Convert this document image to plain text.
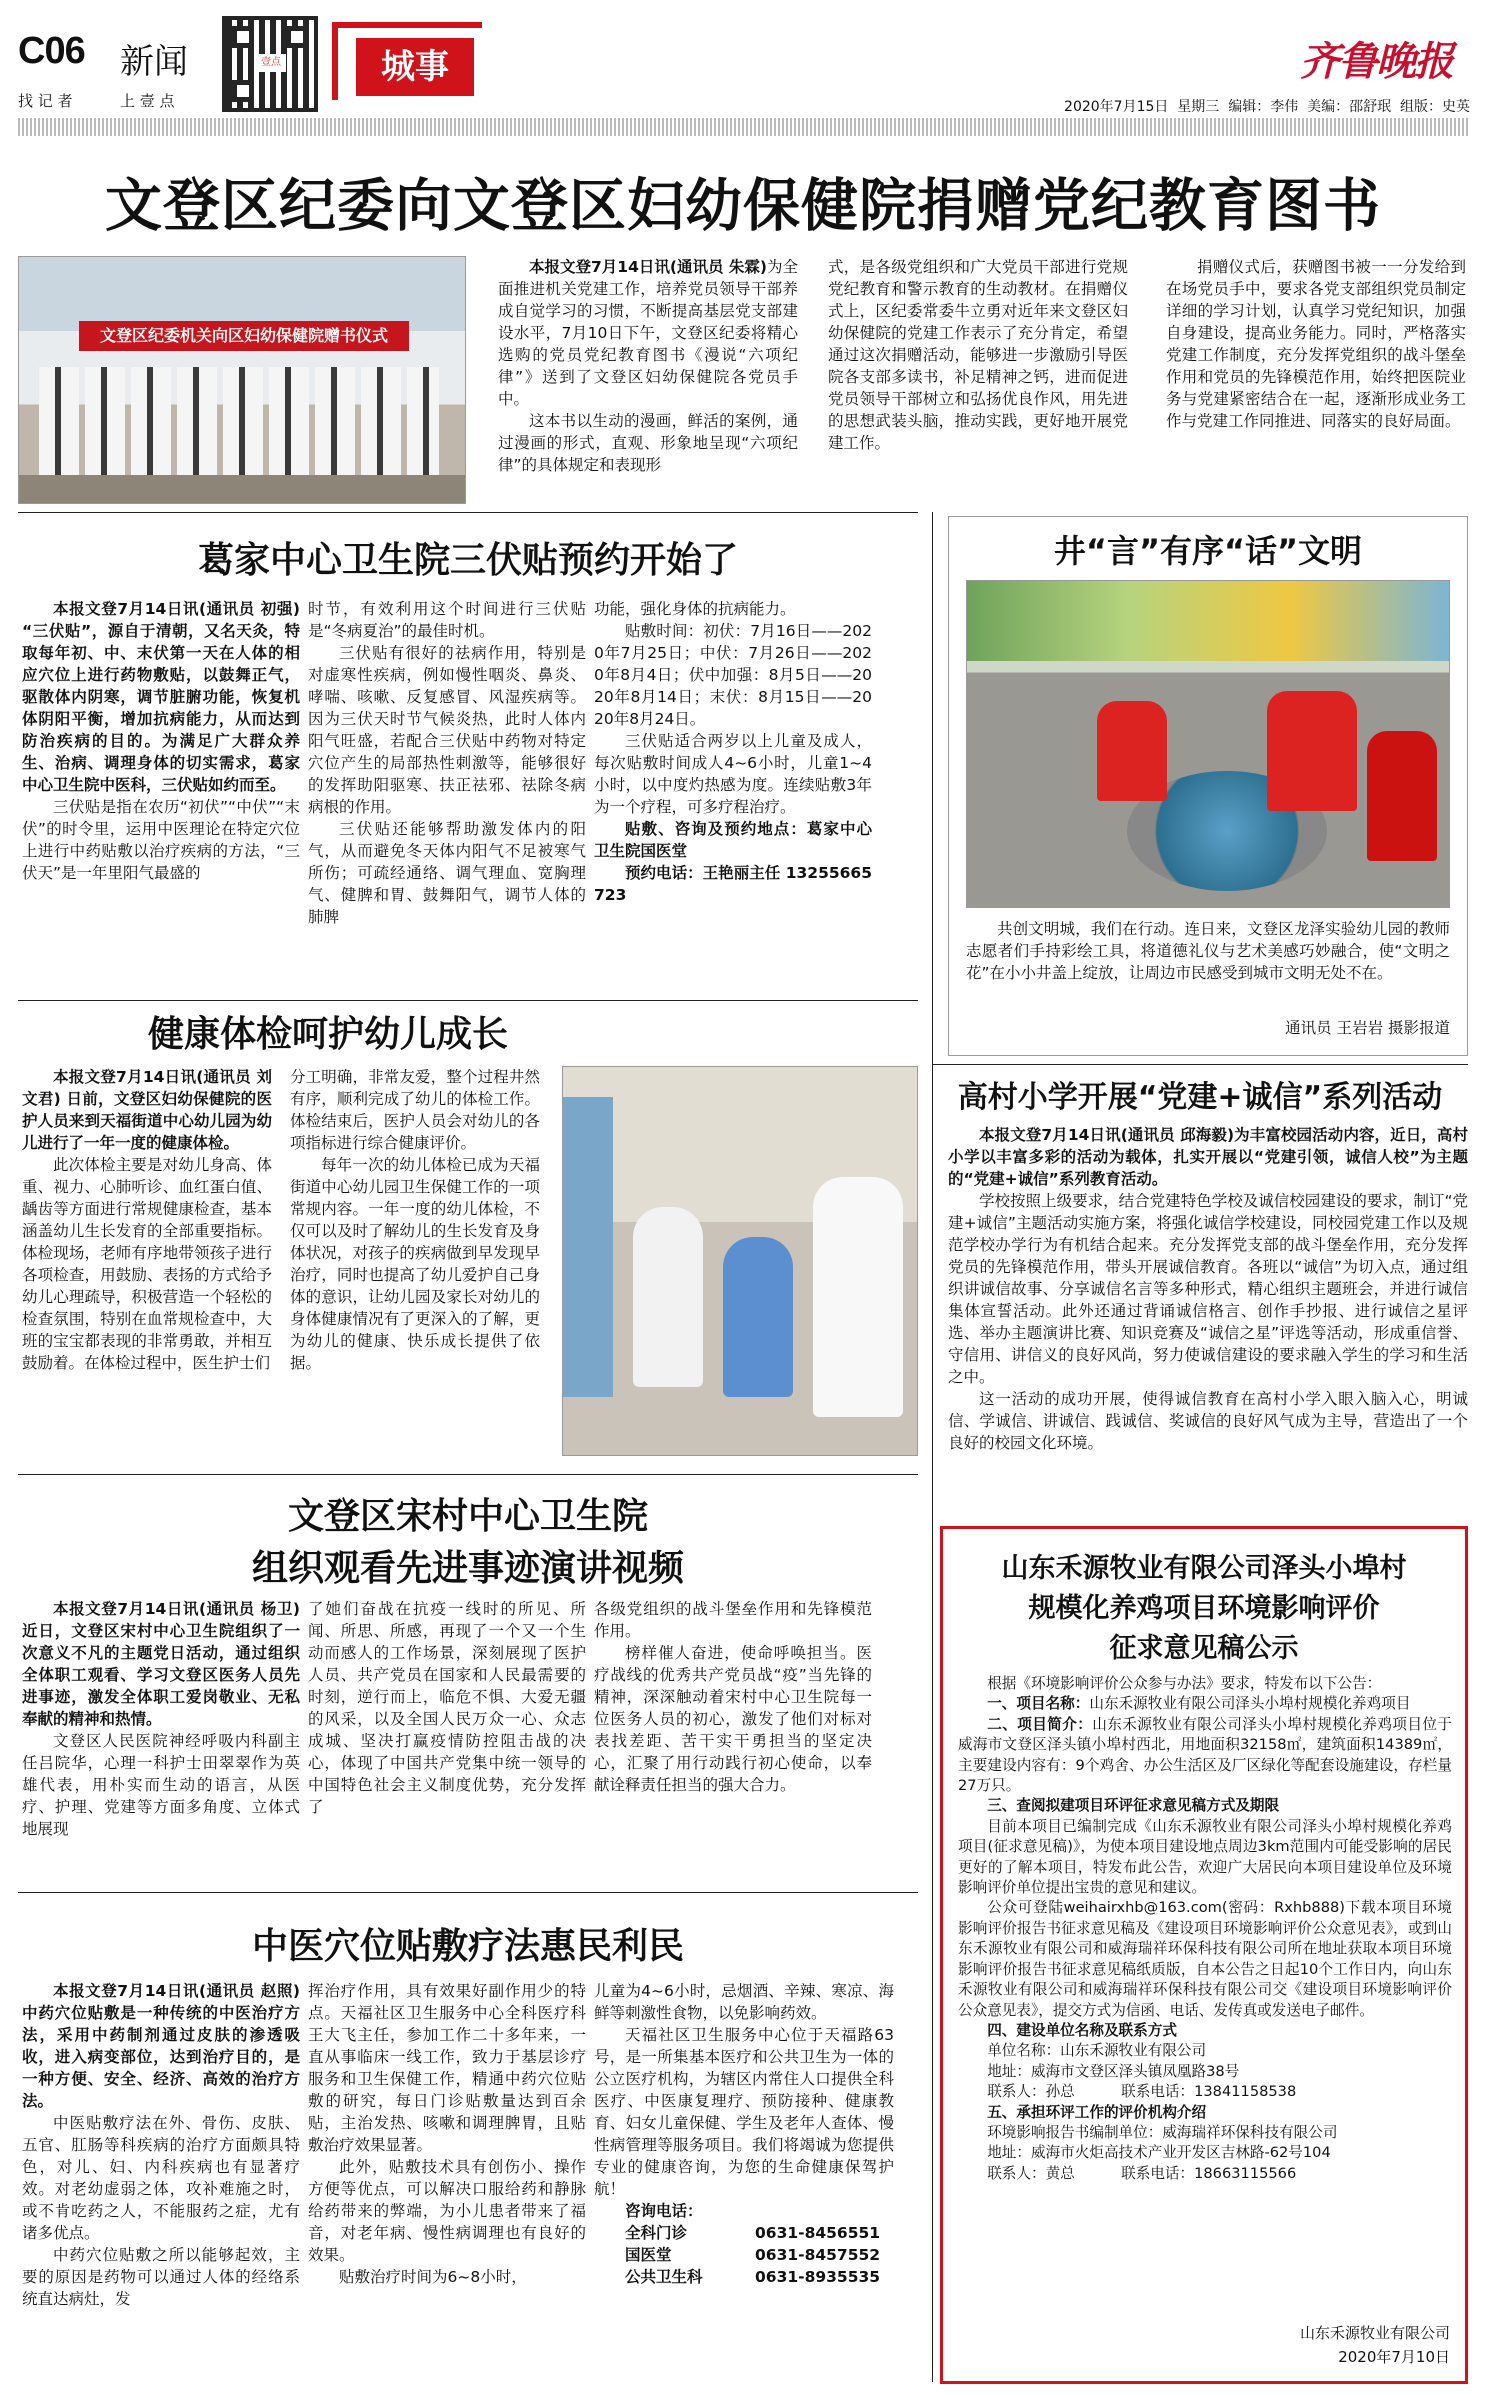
C06 新闻
找 记 者	上 壹 点
壹点	城事	齐鲁晚报
2020年7月15日  星期三  编辑：李伟  美编：邵舒珉  组版：史英
文登区纪委向文登区妇幼保健院捐赠党纪教育图书
文登区纪委机关向区妇幼保健院赠书仪式

本报文登7月14日讯(通讯员 朱霖)为全面推进机关党建工作，培养党员领导干部养成自觉学习的习惯，不断提高基层党支部建设水平，7月10日下午，文登区纪委将精心选购的党员党纪教育图书《漫说“六项纪律”》送到了文登区妇幼保健院各党员手中。

这本书以生动的漫画，鲜活的案例，通过漫画的形式，直观、形象地呈现“六项纪律”的具体规定和表现形

式，是各级党组织和广大党员干部进行党规党纪教育和警示教育的生动教材。在捐赠仪式上，区纪委常委牛立勇对近年来文登区妇幼保健院的党建工作表示了充分肯定，希望通过这次捐赠活动，能够进一步激励引导医院各支部多读书，补足精神之钙，进而促进党员领导干部树立和弘扬优良作风，用先进的思想武装头脑，推动实践，更好地开展党建工作。

捐赠仪式后，获赠图书被一一分发给到在场党员手中，要求各党支部组织党员制定详细的学习计划，认真学习党纪知识，加强自身建设，提高业务能力。同时，严格落实党建工作制度，充分发挥党组织的战斗堡垒作用和党员的先锋模范作用，始终把医院业务与党建紧密结合在一起，逐渐形成业务工作与党建工作同推进、同落实的良好局面。

葛家中心卫生院三伏贴预约开始了

本报文登7月14日讯(通讯员 初强) “三伏贴”，源自于清朝，又名天灸，特取每年初、中、末伏第一天在人体的相应穴位上进行药物敷贴，以鼓舞正气，驱散体内阴寒，调节脏腑功能，恢复机体阴阳平衡，增加抗病能力，从而达到防治疾病的目的。为满足广大群众养生、治病、调理身体的切实需求，葛家中心卫生院中医科，三伏贴如约而至。

三伏贴是指在农历“初伏”“中伏”“末伏”的时令里，运用中医理论在特定穴位上进行中药贴敷以治疗疾病的方法，“三伏天”是一年里阳气最盛的

时节，有效利用这个时间进行三伏贴是“冬病夏治”的最佳时机。

三伏贴有很好的祛病作用，特别是对虚寒性疾病，例如慢性咽炎、鼻炎、哮喘、咳嗽、反复感冒、风湿疾病等。因为三伏天时节气候炎热，此时人体内阳气旺盛，若配合三伏贴中药物对特定穴位产生的局部热性刺激等，能够很好的发挥助阳驱寒、扶正祛邪、祛除冬病病根的作用。

三伏贴还能够帮助激发体内的阳气，从而避免冬天体内阳气不足被寒气所伤；可疏经通络、调气理血、宽胸理气、健脾和胃、鼓舞阳气，调节人体的肺脾

功能，强化身体的抗病能力。

贴敷时间：初伏：7月16日——2020年7月25日；中伏：7月26日——2020年8月4日；伏中加强：8月5日——2020年8月14日；末伏：8月15日——2020年8月24日。

三伏贴适合两岁以上儿童及成人，每次贴敷时间成人4~6小时，儿童1~4小时，以中度灼热感为度。连续贴敷3年为一个疗程，可多疗程治疗。

贴敷、咨询及预约地点：葛家中心卫生院国医堂

预约电话：王艳丽主任 13255665723

井“言”有序“话”文明

共创文明城，我们在行动。连日来，文登区龙泽实验幼儿园的教师志愿者们手持彩绘工具，将道德礼仪与艺术美感巧妙融合，使“文明之花”在小小井盖上绽放，让周边市民感受到城市文明无处不在。

通讯员 王岩岩 摄影报道
健康体检呵护幼儿成长

本报文登7月14日讯(通讯员 刘文君) 日前，文登区妇幼保健院的医护人员来到天福街道中心幼儿园为幼儿进行了一年一度的健康体检。

此次体检主要是对幼儿身高、体重、视力、心肺听诊、血红蛋白值、龋齿等方面进行常规健康检查，基本涵盖幼儿生长发育的全部重要指标。体检现场，老师有序地带领孩子进行各项检查，用鼓励、表扬的方式给予幼儿心理疏导，积极营造一个轻松的检查氛围，特别在血常规检查中，大班的宝宝都表现的非常勇敢，并相互鼓励着。在体检过程中，医生护士们

分工明确，非常友爱，整个过程井然有序，顺利完成了幼儿的体检工作。体检结束后，医护人员会对幼儿的各项指标进行综合健康评价。

每年一次的幼儿体检已成为天福街道中心幼儿园卫生保健工作的一项常规内容。一年一度的幼儿体检，不仅可以及时了解幼儿的生长发育及身体状况，对孩子的疾病做到早发现早治疗，同时也提高了幼儿爱护自己身体的意识，让幼儿园及家长对幼儿的身体健康情况有了更深入的了解，更为幼儿的健康、快乐成长提供了依据。

高村小学开展“党建+诚信”系列活动

本报文登7月14日讯(通讯员 邱海毅)为丰富校园活动内容，近日，高村小学以丰富多彩的活动为载体，扎实开展以“党建引领，诚信人校”为主题的“党建+诚信”系列教育活动。

学校按照上级要求，结合党建特色学校及诚信校园建设的要求，制订“党建+诚信”主题活动实施方案，将强化诚信学校建设，同校园党建工作以及规范学校办学行为有机结合起来。充分发挥党支部的战斗堡垒作用，充分发挥党员的先锋模范作用，带头开展诚信教育。各班以“诚信”为切入点，通过组织讲诚信故事、分享诚信名言等多种形式，精心组织主题班会，并进行诚信集体宣誓活动。此外还通过背诵诚信格言、创作手抄报、进行诚信之星评选、举办主题演讲比赛、知识竞赛及“诚信之星”评选等活动，形成重信誉、守信用、讲信义的良好风尚，努力使诚信建设的要求融入学生的学习和生活之中。

这一活动的成功开展，使得诚信教育在高村小学入眼入脑入心，明诚信、学诚信、讲诚信、践诚信、奖诚信的良好风气成为主导，营造出了一个良好的校园文化环境。

文登区宋村中心卫生院
组织观看先进事迹演讲视频

本报文登7月14日讯(通讯员 杨卫) 近日，文登区宋村中心卫生院组织了一次意义不凡的主题党日活动，通过组织全体职工观看、学习文登区医务人员先进事迹，激发全体职工爱岗敬业、无私奉献的精神和热情。

文登区人民医院神经呼吸内科副主任吕院华，心理一科护士田翠翠作为英雄代表，用朴实而生动的语言，从医疗、护理、党建等方面多角度、立体式地展现

了她们奋战在抗疫一线时的所见、所闻、所思、所感，再现了一个又一个生动而感人的工作场景，深刻展现了医护人员、共产党员在国家和人民最需要的时刻，逆行而上，临危不惧、大爱无疆的风采，以及全国人民万众一心、众志成城、坚决打赢疫情防控阻击战的决心，体现了中国共产党集中统一领导的中国特色社会主义制度优势，充分发挥了

各级党组织的战斗堡垒作用和先锋模范作用。

榜样催人奋进，使命呼唤担当。医疗战线的优秀共产党员战“疫”当先锋的精神，深深触动着宋村中心卫生院每一位医务人员的初心，激发了他们对标对表找差距、苦干实干勇担当的坚定决心，汇聚了用行动践行初心使命，以奉献诠释责任担当的强大合力。

中医穴位贴敷疗法惠民利民

本报文登7月14日讯(通讯员 赵照) 中药穴位贴敷是一种传统的中医治疗方法，采用中药制剂通过皮肤的渗透吸收，进入病变部位，达到治疗目的，是一种方便、安全、经济、高效的治疗方法。

中医贴敷疗法在外、骨伤、皮肤、五官、肛肠等科疾病的治疗方面颇具特色，对儿、妇、内科疾病也有显著疗效。对老幼虚弱之体，攻补难施之时，或不肯吃药之人，不能服药之症，尤有诸多优点。

中药穴位贴敷之所以能够起效，主要的原因是药物可以通过人体的经络系统直达病灶，发

挥治疗作用，具有效果好副作用少的特点。天福社区卫生服务中心全科医疗科王大飞主任，参加工作二十多年来，一直从事临床一线工作，致力于基层诊疗服务和卫生保健工作，精通中药穴位贴敷的研究，每日门诊贴敷量达到百余贴，主治发热、咳嗽和调理脾胃，且贴敷治疗效果显著。

此外，贴敷技术具有创伤小、操作方便等优点，可以解决口服给药和静脉给药带来的弊端，为小儿患者带来了福音，对老年病、慢性病调理也有良好的效果。

贴敷治疗时间为6~8小时，

儿童为4~6小时，忌烟酒、辛辣、寒凉、海鲜等刺激性食物，以免影响药效。

天福社区卫生服务中心位于天福路63号，是一所集基本医疗和公共卫生为一体的公立医疗机构，为辖区内常住人口提供全科医疗、中医康复理疗、预防接种、健康教育、妇女儿童保健、学生及老年人查体、慢性病管理等服务项目。我们将竭诚为您提供专业的健康咨询，为您的生命健康保驾护航！

咨询电话：

全科门诊	0631-8456551
国医堂	0631-8457552
公共卫生科	0631-8935535
山东禾源牧业有限公司泽头小埠村
规模化养鸡项目环境影响评价
征求意见稿公示

根据《环境影响评价公众参与办法》要求，特发布以下公告：

一、项目名称：山东禾源牧业有限公司泽头小埠村规模化养鸡项目

二、项目简介：山东禾源牧业有限公司泽头小埠村规模化养鸡项目位于威海市文登区泽头镇小埠村西北，用地面积32158㎡，建筑面积14389㎡，主要建设内容有：9个鸡舍、办公生活区及厂区绿化等配套设施建设，存栏量27万只。

三、查阅拟建项目环评征求意见稿方式及期限

目前本项目已编制完成《山东禾源牧业有限公司泽头小埠村规模化养鸡项目(征求意见稿)》，为使本项目建设地点周边3km范围内可能受影响的居民更好的了解本项目，特发布此公告，欢迎广大居民向本项目建设单位及环境影响评价单位提出宝贵的意见和建议。

公众可登陆weihairxhb@163.com(密码：Rxhb888)下载本项目环境影响评价报告书征求意见稿及《建设项目环境影响评价公众意见表》，或到山东禾源牧业有限公司和威海瑞祥环保科技有限公司所在地址获取本项目环境影响评价报告书征求意见稿纸质版，自本公告之日起10个工作日内，向山东禾源牧业有限公司和威海瑞祥环保科技有限公司交《建设项目环境影响评价公众意见表》，提交方式为信函、电话、发传真或发送电子邮件。

四、建设单位名称及联系方式

单位名称：山东禾源牧业有限公司

地址：威海市文登区泽头镇凤凰路38号

联系人：孙总          联系电话：13841158538

五、承担环评工作的评价机构介绍

环境影响报告书编制单位：威海瑞祥环保科技有限公司

地址：威海市火炬高技术产业开发区吉林路-62号104

联系人：黄总          联系电话：18663115566

山东禾源牧业有限公司
2020年7月10日
